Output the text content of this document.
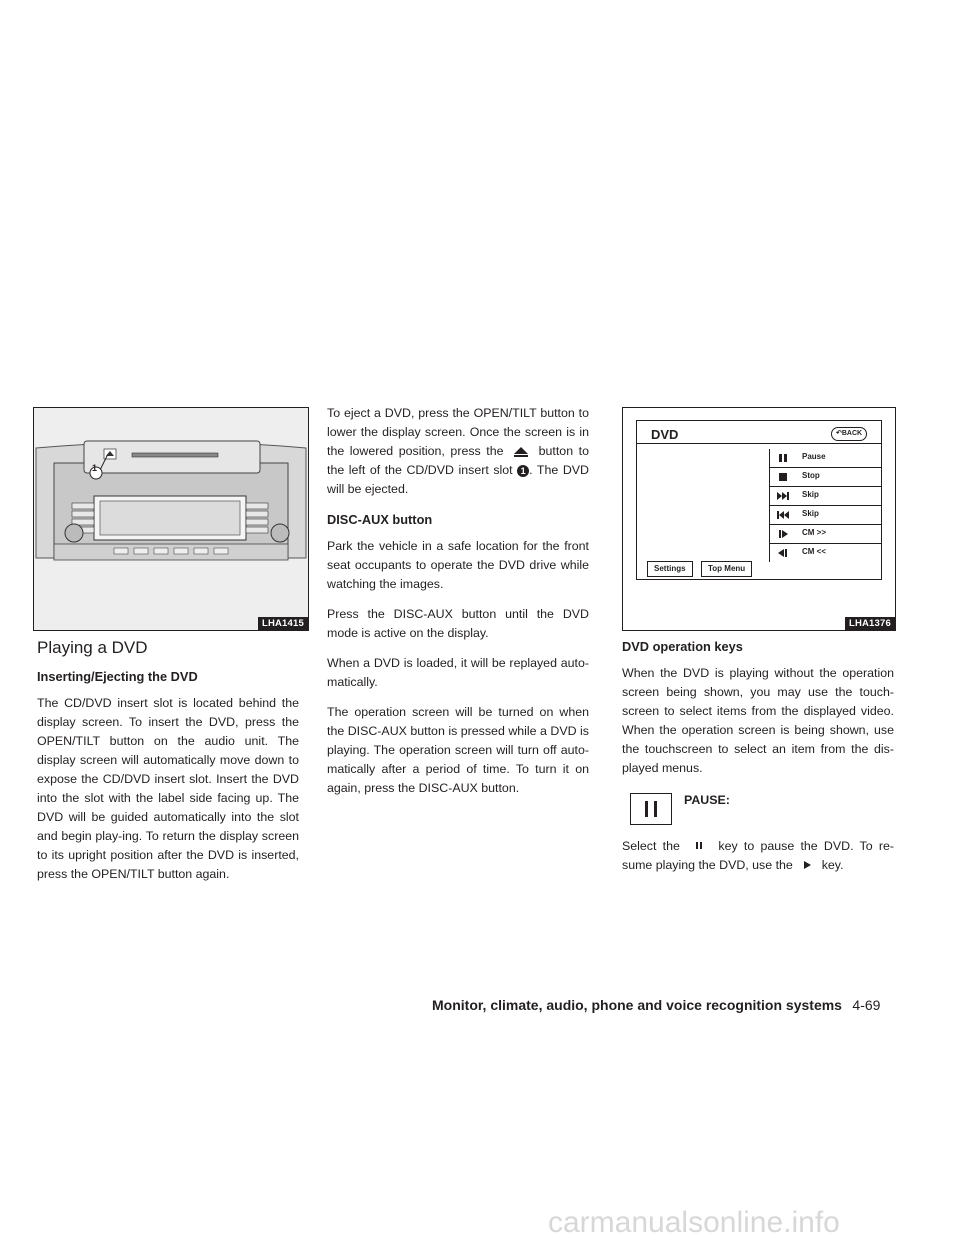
1
LHA1415
DVD	↶BACK
Pause
Stop
Skip
Skip
CM >>
CM <<
Settings	Top Menu
LHA1376
Playing a DVD
Inserting/Ejecting the DVD

The CD/DVD insert slot is located behind the display screen. To insert the DVD, press the OPEN/TILT button on the audio unit. The display screen will automatically move down to expose the CD/DVD insert slot. Insert the DVD into the slot with the label side facing up. The DVD will be guided automatically into the slot and begin play-ing. To return the display screen to its upright position after the DVD is inserted, press the OPEN/TILT button again.

To eject a DVD, press the OPEN/TILT button to lower the display screen. Once the screen is in the lowered position, press the	button to the left of the CD/DVD insert slot 1 . The DVD will be ejected.

DISC-AUX button

Park the vehicle in a safe location for the front seat occupants to operate the DVD drive while watching the images.

Press the DISC-AUX button until the DVD mode is active on the display.

When a DVD is loaded, it will be replayed auto-matically.

The operation screen will be turned on when the DISC-AUX button is pressed while a DVD is playing. The operation screen will turn off auto-matically after a period of time. To turn it on again, press the DISC-AUX button.

DVD operation keys

When the DVD is playing without the operation screen being shown, you may use the touch-screen to select items from the displayed video. When the operation screen is being shown, use the touchscreen to select an item from the dis-played menus.

PAUSE:

Select the	key to pause the DVD. To re-sume playing the DVD, use the key.

Monitor, climate, audio, phone and voice recognition systems 4-69
carmanualsonline.info
